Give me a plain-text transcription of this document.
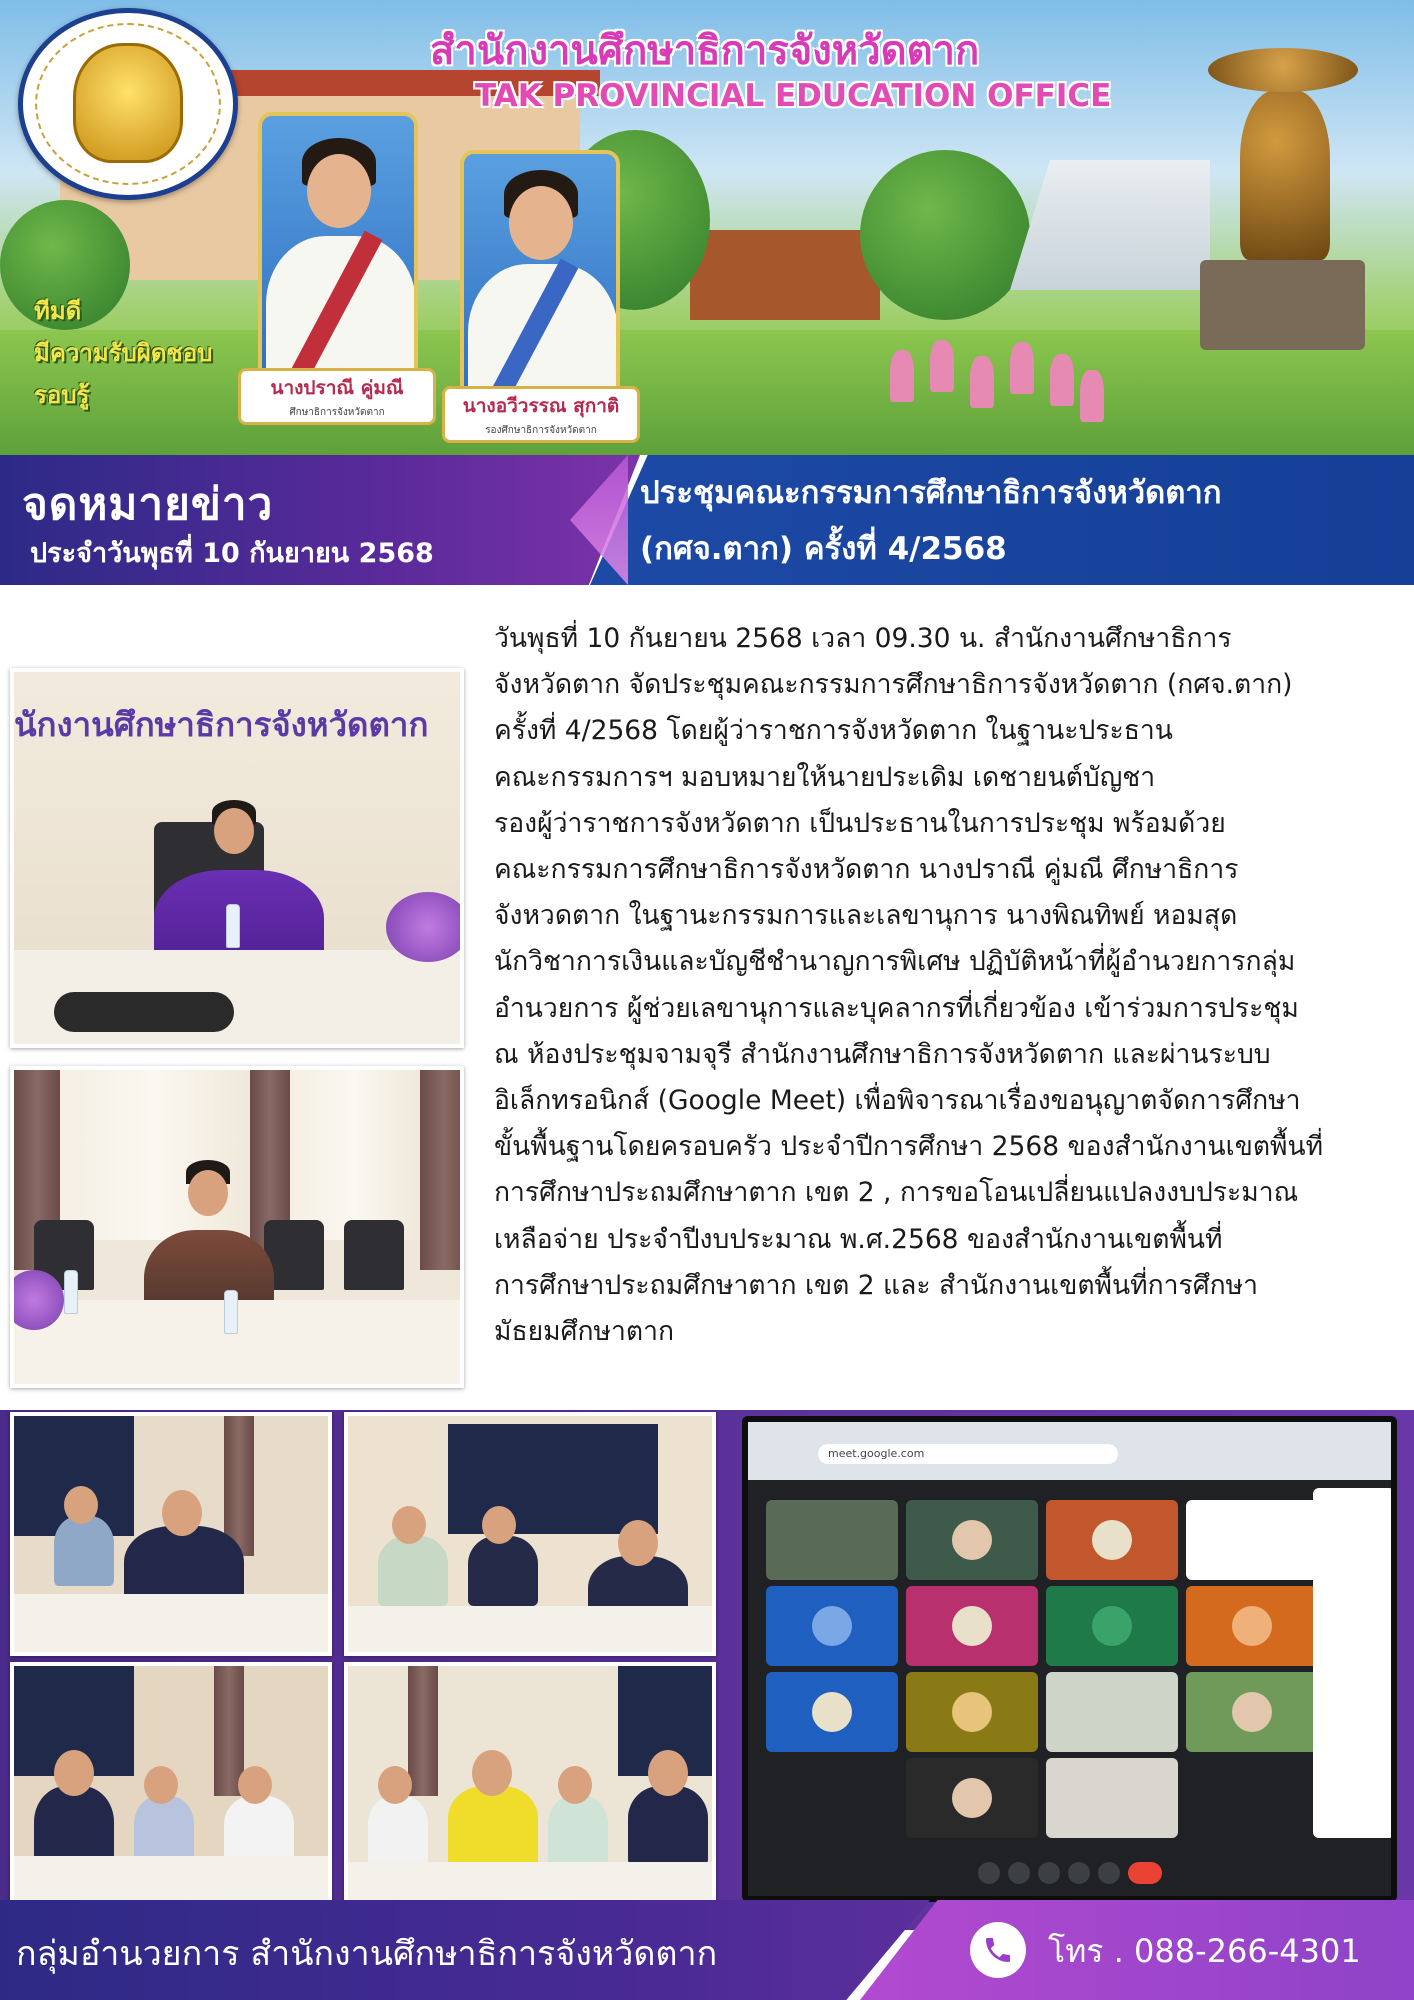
สำนักงานศึกษาธิการจังหวัดตาก
TAK PROVINCIAL EDUCATION OFFICE
นางปราณี คู่มณี
ศึกษาธิการจังหวัดตาก	นางอวีวรรณ สุกาติ
รองศึกษาธิการจังหวัดตาก
ทีมดี
มีความรับผิดชอบ
รอบรู้
จดหมายข่าว
ประจำวันพุธที่ 10 กันยายน 2568
ประชุมคณะกรรมการศึกษาธิการจังหวัดตาก
(กศจ.ตาก) ครั้งที่ 4/2568
นักงานศึกษาธิการจังหวัดตาก

วันพุธที่ 10 กันยายน 2568 เวลา 09.30 น. สำนักงานศึกษาธิการ
จังหวัดตาก จัดประชุมคณะกรรมการศึกษาธิการจังหวัดตาก (กศจ.ตาก)
ครั้งที่ 4/2568 โดยผู้ว่าราชการจังหวัดตาก ในฐานะประธาน
คณะกรรมการฯ มอบหมายให้นายประเดิม เดชายนต์บัญชา
รองผู้ว่าราชการจังหวัดตาก เป็นประธานในการประชุม พร้อมด้วย
คณะกรรมการศึกษาธิการจังหวัดตาก นางปราณี คู่มณี ศึกษาธิการ
จังหวดตาก ในฐานะกรรมการและเลขานุการ นางพิณทิพย์ หอมสุด
นักวิชาการเงินและบัญชีชำนาญการพิเศษ ปฏิบัติหน้าที่ผู้อำนวยการกลุ่ม
อำนวยการ ผู้ช่วยเลขานุการและบุคลากรที่เกี่ยวข้อง เข้าร่วมการประชุม
ณ ห้องประชุมจามจุรี สำนักงานศึกษาธิการจังหวัดตาก และผ่านระบบ
อิเล็กทรอนิกส์ (Google Meet) เพื่อพิจารณาเรื่องขอนุญาตจัดการศึกษา
ขั้นพื้นฐานโดยครอบครัว ประจำปีการศึกษา 2568 ของสำนักงานเขตพื้นที่
การศึกษาประถมศึกษาตาก เขต 2 , การขอโอนเปลี่ยนแปลงงบประมาณ
เหลือจ่าย ประจำปีงบประมาณ พ.ศ.2568 ของสำนักงานเขตพื้นที่
การศึกษาประถมศึกษาตาก เขต 2 และ สำนักงานเขตพื้นที่การศึกษา
มัธยมศึกษาตาก

meet.google.com
กลุ่มอำนวยการ สำนักงานศึกษาธิการจังหวัดตาก	โทร . 088-266-4301
